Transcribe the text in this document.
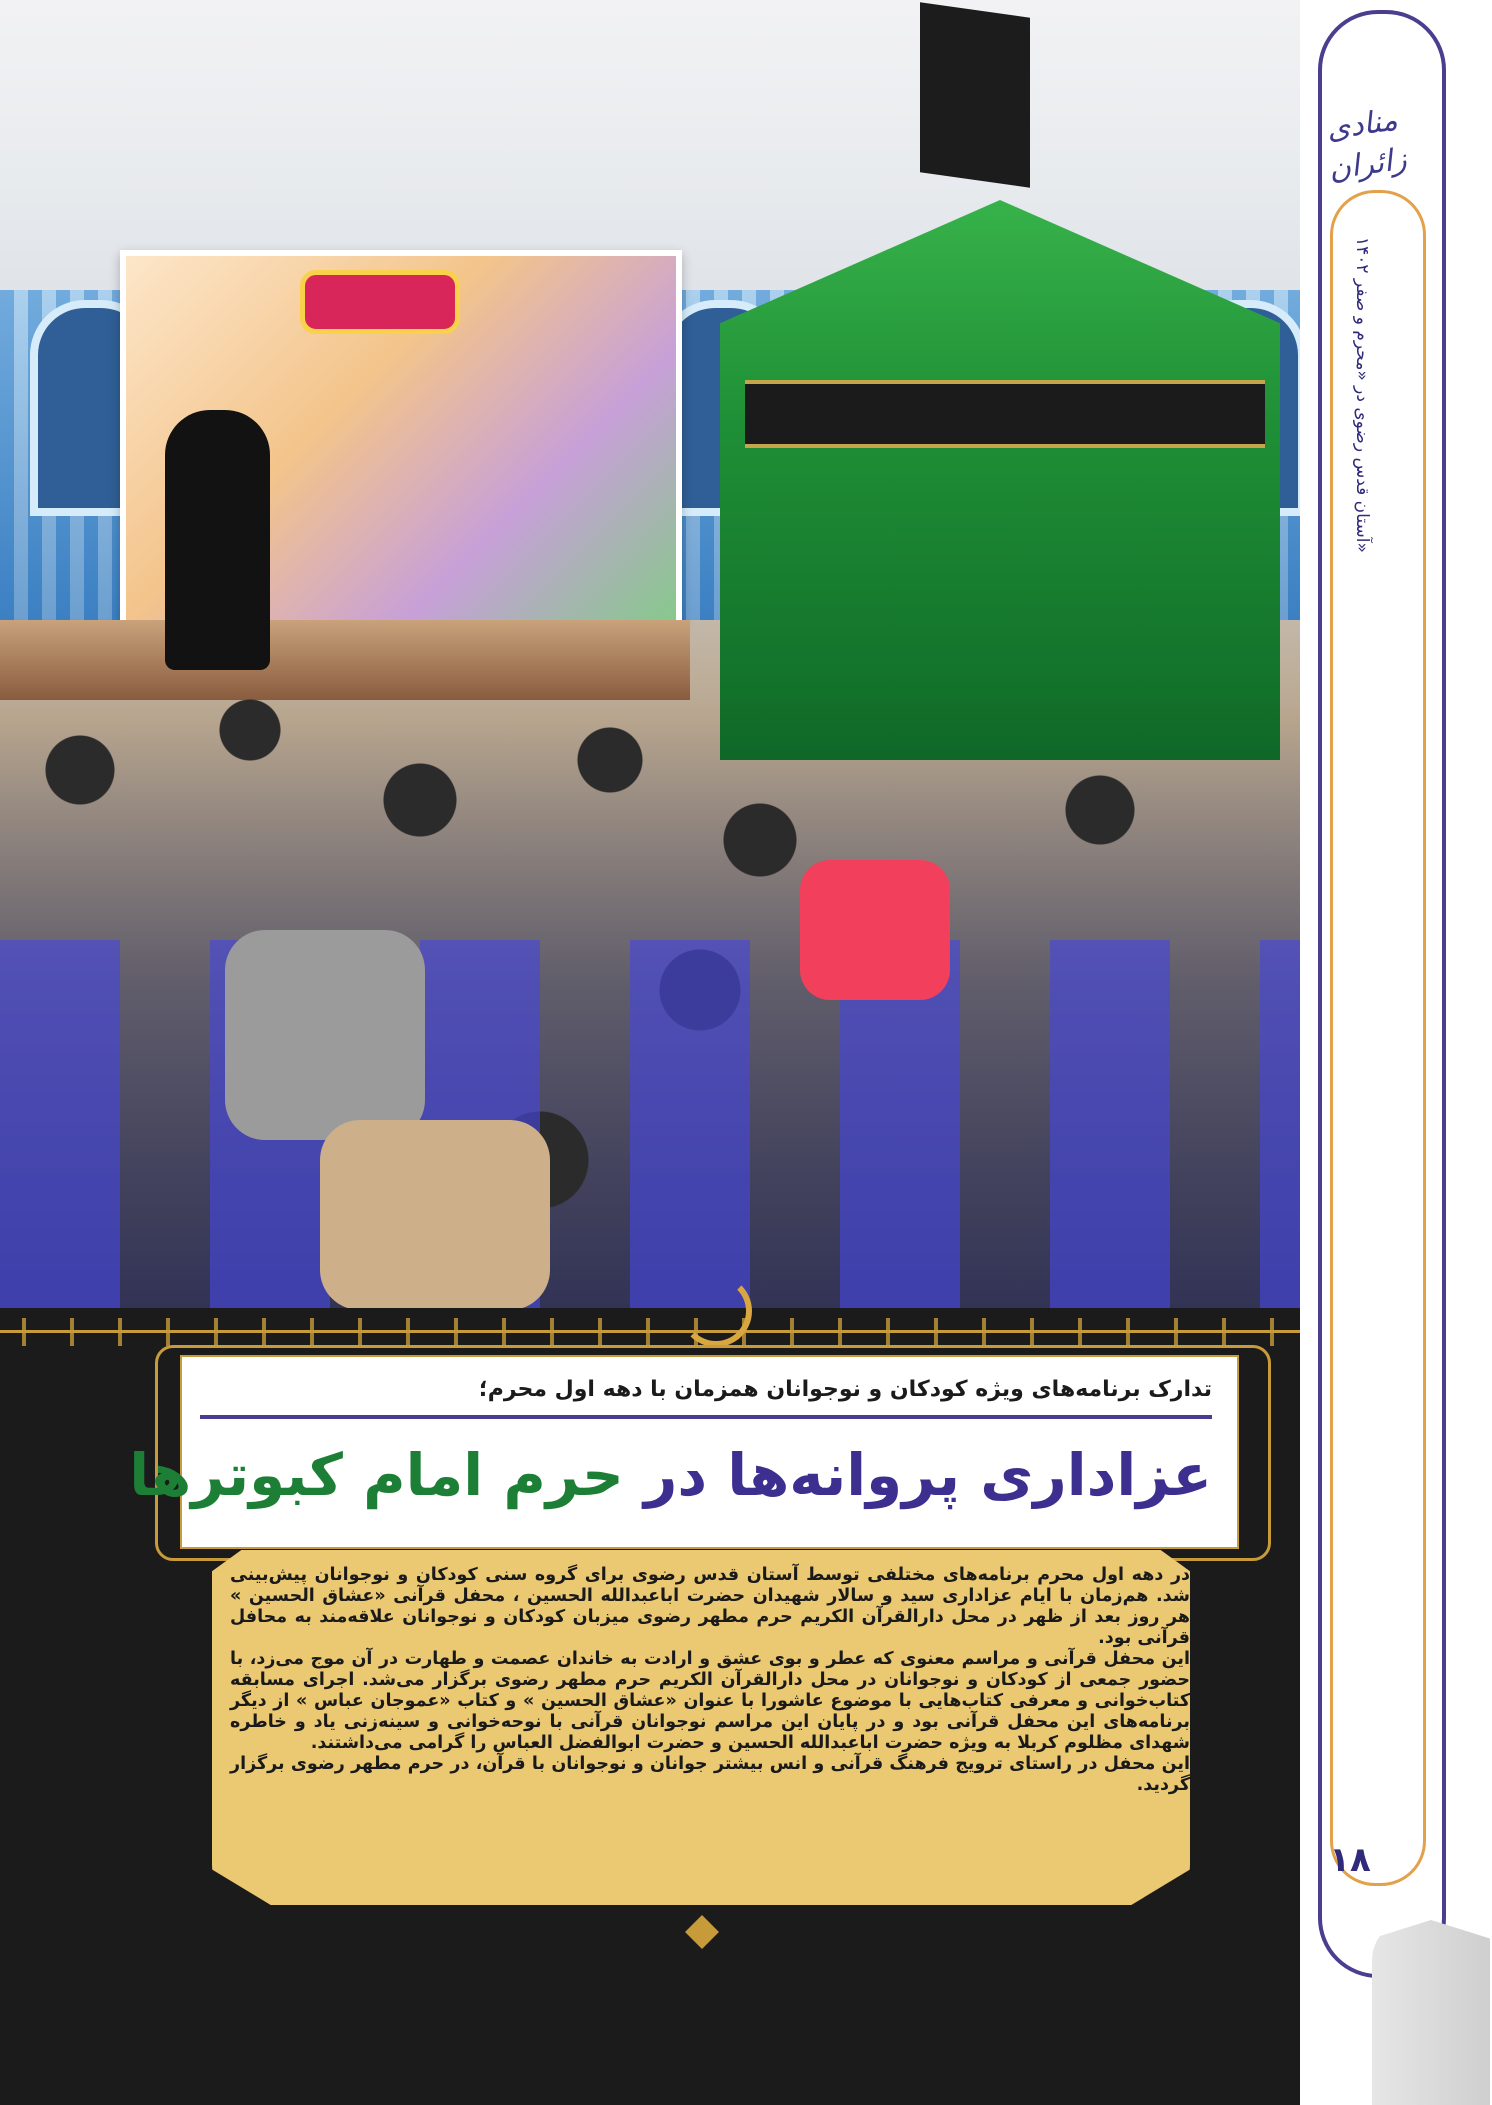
منادی زائران
آستان قدس رضوی در «محرم و صفر ۱۴۰۲»
۱۸
تدارک برنامه‌های ویژه کودکان و نوجوانان همزمان با دهه اول محرم؛
عزاداری پروانه‌ها در حرم امام کبوترها

در دهه اول محرم برنامه‌های مختلفی توسط آستان قدس رضوی برای گروه سنی کودکان و نوجوانان پیش‌بینی شد. هم‌زمان با ایام عزاداری سید و سالار شهیدان حضرت اباعبدالله الحسین ، محفل قرآنی «عشاق الحسین » هر روز بعد از ظهر در محل دارالقرآن الکریم حرم مطهر رضوی میزبان کودکان و نوجوانان علاقه‌مند به محافل قرآنی بود.

این محفل قرآنی و مراسم معنوی که عطر و بوی عشق و ارادت به خاندان عصمت و طهارت در آن موج می‌زد، با حضور جمعی از کودکان و نوجوانان در محل دارالقرآن الکریم حرم مطهر رضوی برگزار می‌شد. اجرای مسابقه کتاب‌خوانی و معرفی کتاب‌هایی با موضوع عاشورا با عنوان «عشاق الحسین » و کتاب «عموجان عباس » از دیگر برنامه‌های این محفل قرآنی بود و در پایان این مراسم نوجوانان قرآنی با نوحه‌خوانی و سینه‌زنی یاد و خاطره شهدای مظلوم کربلا به ویژه حضرت اباعبدالله الحسین و حضرت ابوالفضل العباس را گرامی می‌داشتند.

این محفل در راستای ترویج فرهنگ قرآنی و انس بیشتر جوانان و نوجوانان با قرآن، در حرم مطهر رضوی برگزار گردید.
